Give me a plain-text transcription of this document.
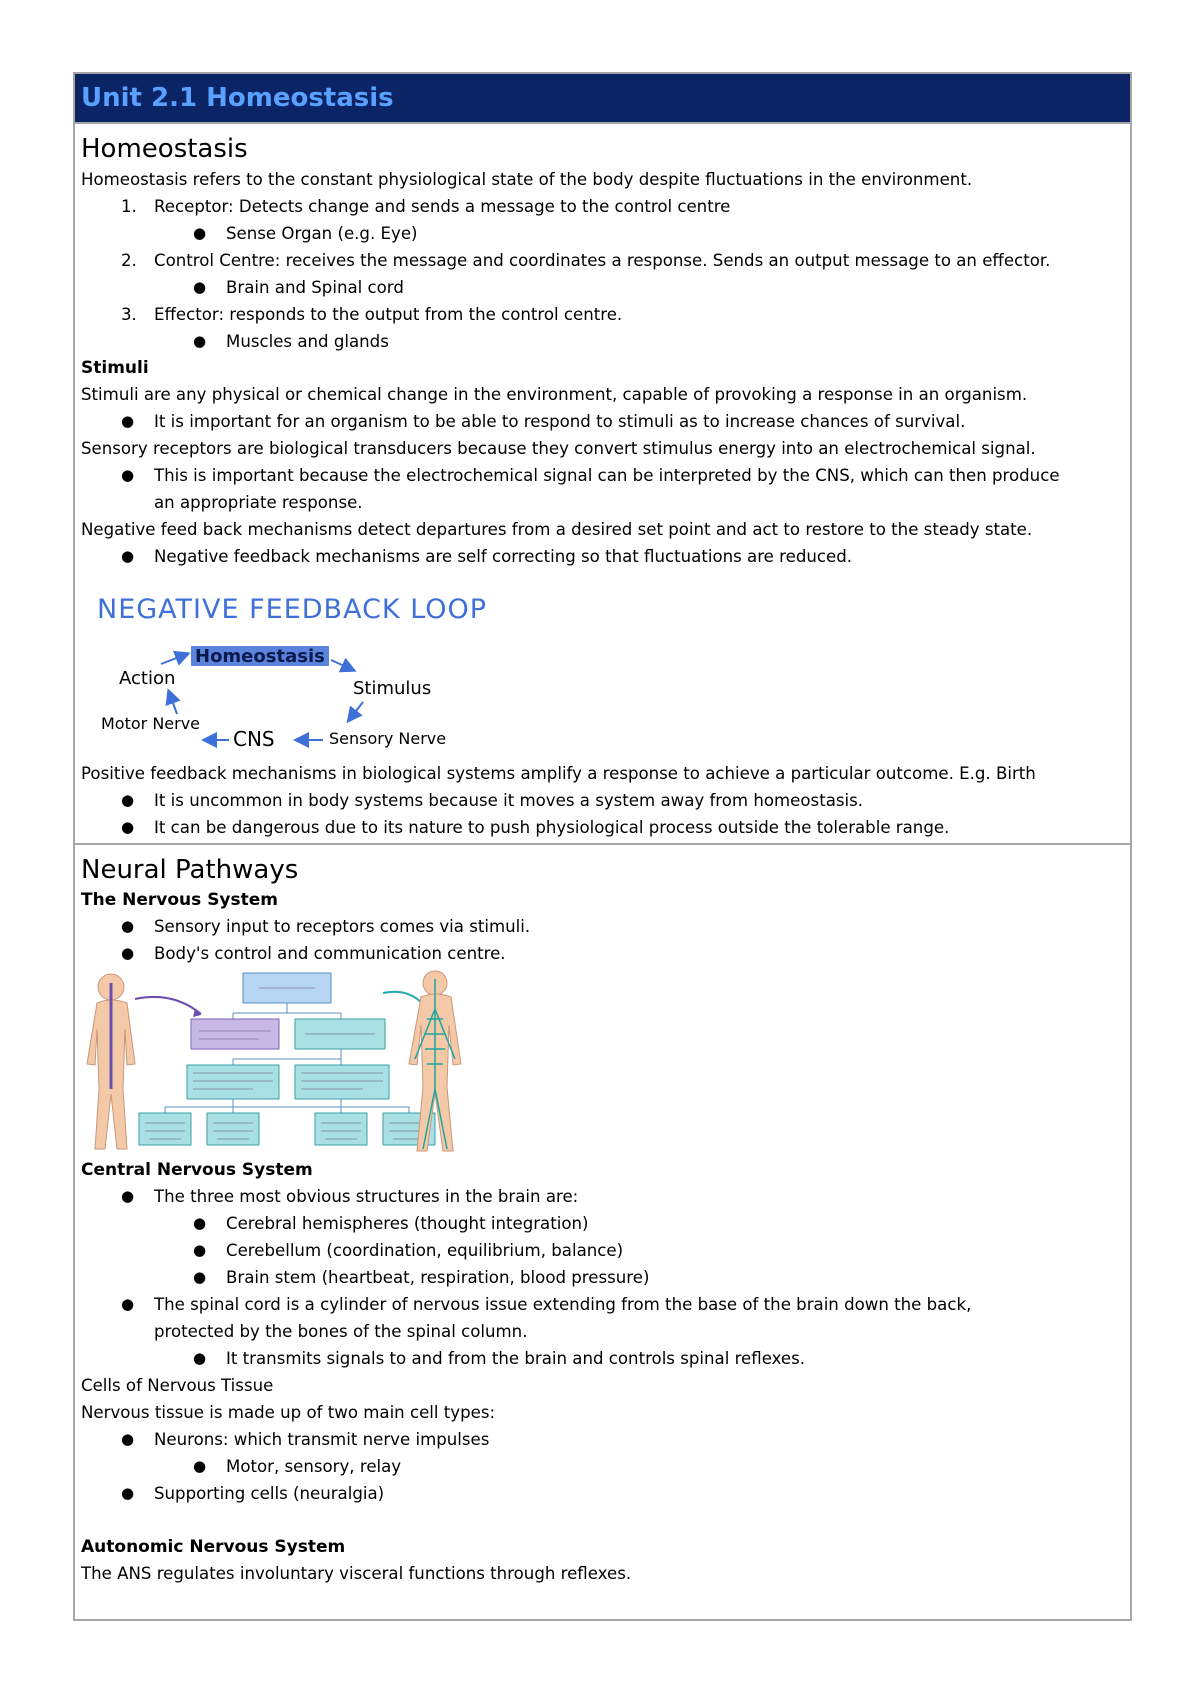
Unit 2.1 Homeostasis
Homeostasis
Homeostasis refers to the constant physiological state of the body despite fluctuations in the environment.
1. Receptor: Detects change and sends a message to the control centre
● Sense Organ (e.g. Eye)
2. Control Centre: receives the message and coordinates a response. Sends an output message to an effector.
● Brain and Spinal cord
3. Effector: responds to the output from the control centre.
● Muscles and glands
Stimuli
Stimuli are any physical or chemical change in the environment, capable of provoking a response in an organism.
● It is important for an organism to be able to respond to stimuli as to increase chances of survival.
Sensory receptors are biological transducers because they convert stimulus energy into an electrochemical signal.
● This is important because the electrochemical signal can be interpreted by the CNS, which can then produce an appropriate response.
Negative feed back mechanisms detect departures from a desired set point and act to restore to the steady state.
● Negative feedback mechanisms are self correcting so that fluctuations are reduced.
NEGATIVE FEEDBACK LOOP
Homeostasis
Stimulus
Sensory Nerve
CNS
Motor Nerve
Action
Positive feedback mechanisms in biological systems amplify a response to achieve a particular outcome. E.g. Birth
● It is uncommon in body systems because it moves a system away from homeostasis.
● It can be dangerous due to its nature to push physiological process outside the tolerable range.
Neural Pathways
The Nervous System
● Sensory input to receptors comes via stimuli.
● Body's control and communication centre.
Central Nervous System
● The three most obvious structures in the brain are:
● Cerebral hemispheres (thought integration)
● Cerebellum (coordination, equilibrium, balance)
● Brain stem (heartbeat, respiration, blood pressure)
● The spinal cord is a cylinder of nervous issue extending from the base of the brain down the back, protected by the bones of the spinal column.
● It transmits signals to and from the brain and controls spinal reflexes.
Cells of Nervous Tissue
Nervous tissue is made up of two main cell types:
● Neurons: which transmit nerve impulses
● Motor, sensory, relay
● Supporting cells (neuralgia)
Autonomic Nervous System
The ANS regulates involuntary visceral functions through reflexes.
